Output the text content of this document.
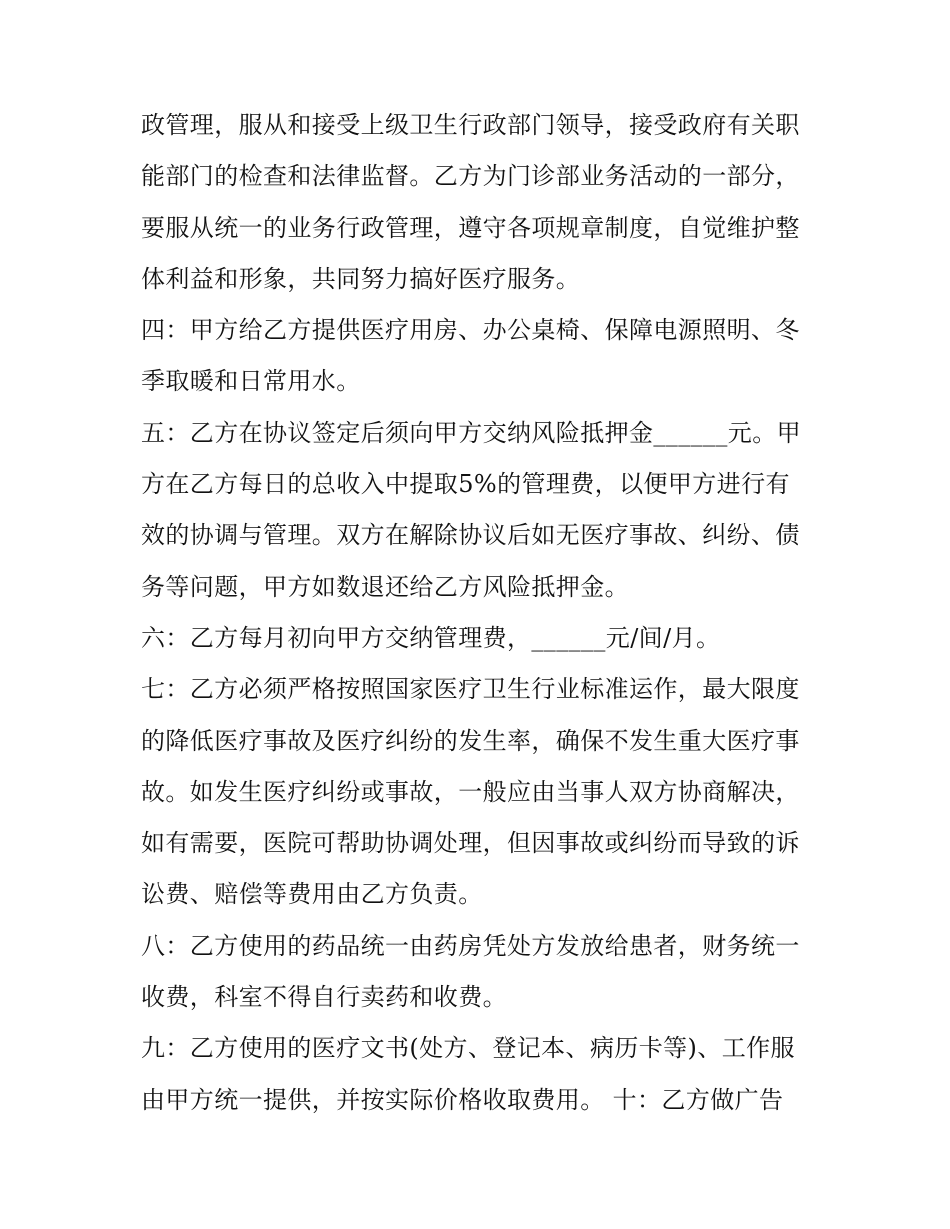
政管理，服从和接受上级卫生行政部门领导，接受政府有关职
能部门的检查和法律监督。乙方为门诊部业务活动的一部分，
要服从统一的业务行政管理，遵守各项规章制度，自觉维护整
体利益和形象，共同努力搞好医疗服务。
四：甲方给乙方提供医疗用房、办公桌椅、保障电源照明、冬
季取暖和日常用水。
五：乙方在协议签定后须向甲方交纳风险抵押金______元。甲
方在乙方每日的总收入中提取5%的管理费，以便甲方进行有
效的协调与管理。双方在解除协议后如无医疗事故、纠纷、债
务等问题，甲方如数退还给乙方风险抵押金。
六：乙方每月初向甲方交纳管理费，______元/间/月。
七：乙方必须严格按照国家医疗卫生行业标准运作，最大限度
的降低医疗事故及医疗纠纷的发生率，确保不发生重大医疗事
故。如发生医疗纠纷或事故，一般应由当事人双方协商解决，
如有需要，医院可帮助协调处理，但因事故或纠纷而导致的诉
讼费、赔偿等费用由乙方负责。
八：乙方使用的药品统一由药房凭处方发放给患者，财务统一
收费，科室不得自行卖药和收费。
九：乙方使用的医疗文书(处方、登记本、病历卡等)、工作服
由甲方统一提供，并按实际价格收取费用。 十：乙方做广告
